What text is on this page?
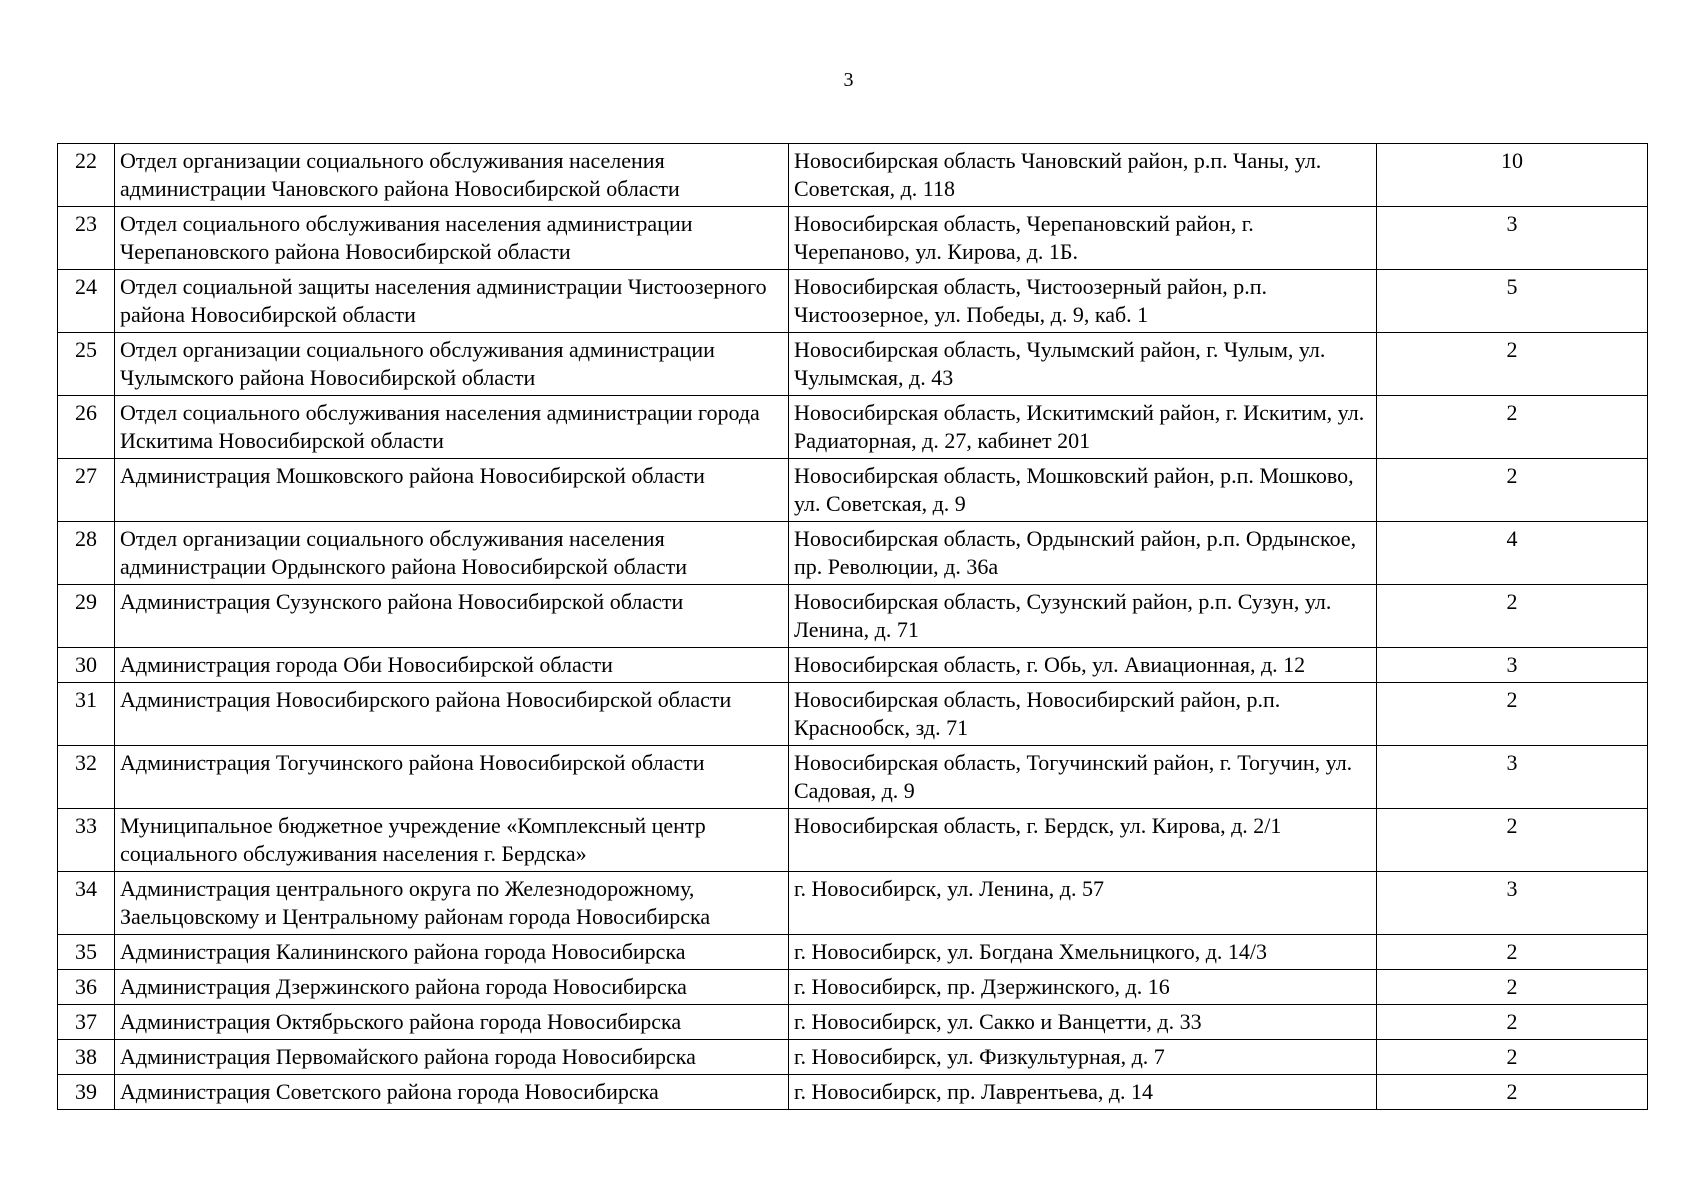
3
22	Отдел организации социального обслуживания населения администрации Чановского района Новосибирской области	Новосибирская область Чановский район, р.п. Чаны, ул. Советская, д. 118	10
23	Отдел социального обслуживания населения администрации Черепановского района Новосибирской области	Новосибирская область, Черепановский район, г. Черепаново, ул. Кирова, д. 1Б.	3
24	Отдел социальной защиты населения администрации Чистоозерного района Новосибирской области	Новосибирская область, Чистоозерный район, р.п. Чистоозерное, ул. Победы, д. 9, каб. 1	5
25	Отдел организации социального обслуживания администрации Чулымского района Новосибирской области	Новосибирская область, Чулымский район, г. Чулым, ул. Чулымская, д. 43	2
26	Отдел социального обслуживания населения администрации города Искитима Новосибирской области	Новосибирская область, Искитимский район, г. Искитим, ул. Радиаторная, д. 27, кабинет 201	2
27	Администрация Мошковского района Новосибирской области	Новосибирская область, Мошковский район, р.п. Мошково, ул. Советская, д. 9	2
28	Отдел организации социального обслуживания населения администрации Ордынского района Новосибирской области	Новосибирская область, Ордынский район, р.п. Ордынское, пр. Революции, д. 36а	4
29	Администрация Сузунского района Новосибирской области	Новосибирская область, Сузунский район, р.п. Сузун, ул. Ленина, д. 71	2
30	Администрация города Оби Новосибирской области	Новосибирская область, г. Обь, ул. Авиационная, д. 12	3
31	Администрация Новосибирского района Новосибирской области	Новосибирская область, Новосибирский район, р.п. Краснообск, зд. 71	2
32	Администрация Тогучинского района Новосибирской области	Новосибирская область, Тогучинский район, г. Тогучин, ул. Садовая, д. 9	3
33	Муниципальное бюджетное учреждение «Комплексный центр социального обслуживания населения г. Бердска»	Новосибирская область, г. Бердск, ул. Кирова, д. 2/1	2
34	Администрация центрального округа по Железнодорожному, Заельцовскому и Центральному районам города Новосибирска	г. Новосибирск, ул. Ленина, д. 57	3
35	Администрация Калининского района города Новосибирска	г. Новосибирск, ул. Богдана Хмельницкого, д. 14/3	2
36	Администрация Дзержинского района города Новосибирска	г. Новосибирск, пр. Дзержинского, д. 16	2
37	Администрация Октябрьского района города Новосибирска	г. Новосибирск, ул. Сакко и Ванцетти, д. 33	2
38	Администрация Первомайского района города Новосибирска	г. Новосибирск, ул. Физкультурная, д. 7	2
39	Администрация Советского района города Новосибирска	г. Новосибирск, пр. Лаврентьева, д. 14	2
